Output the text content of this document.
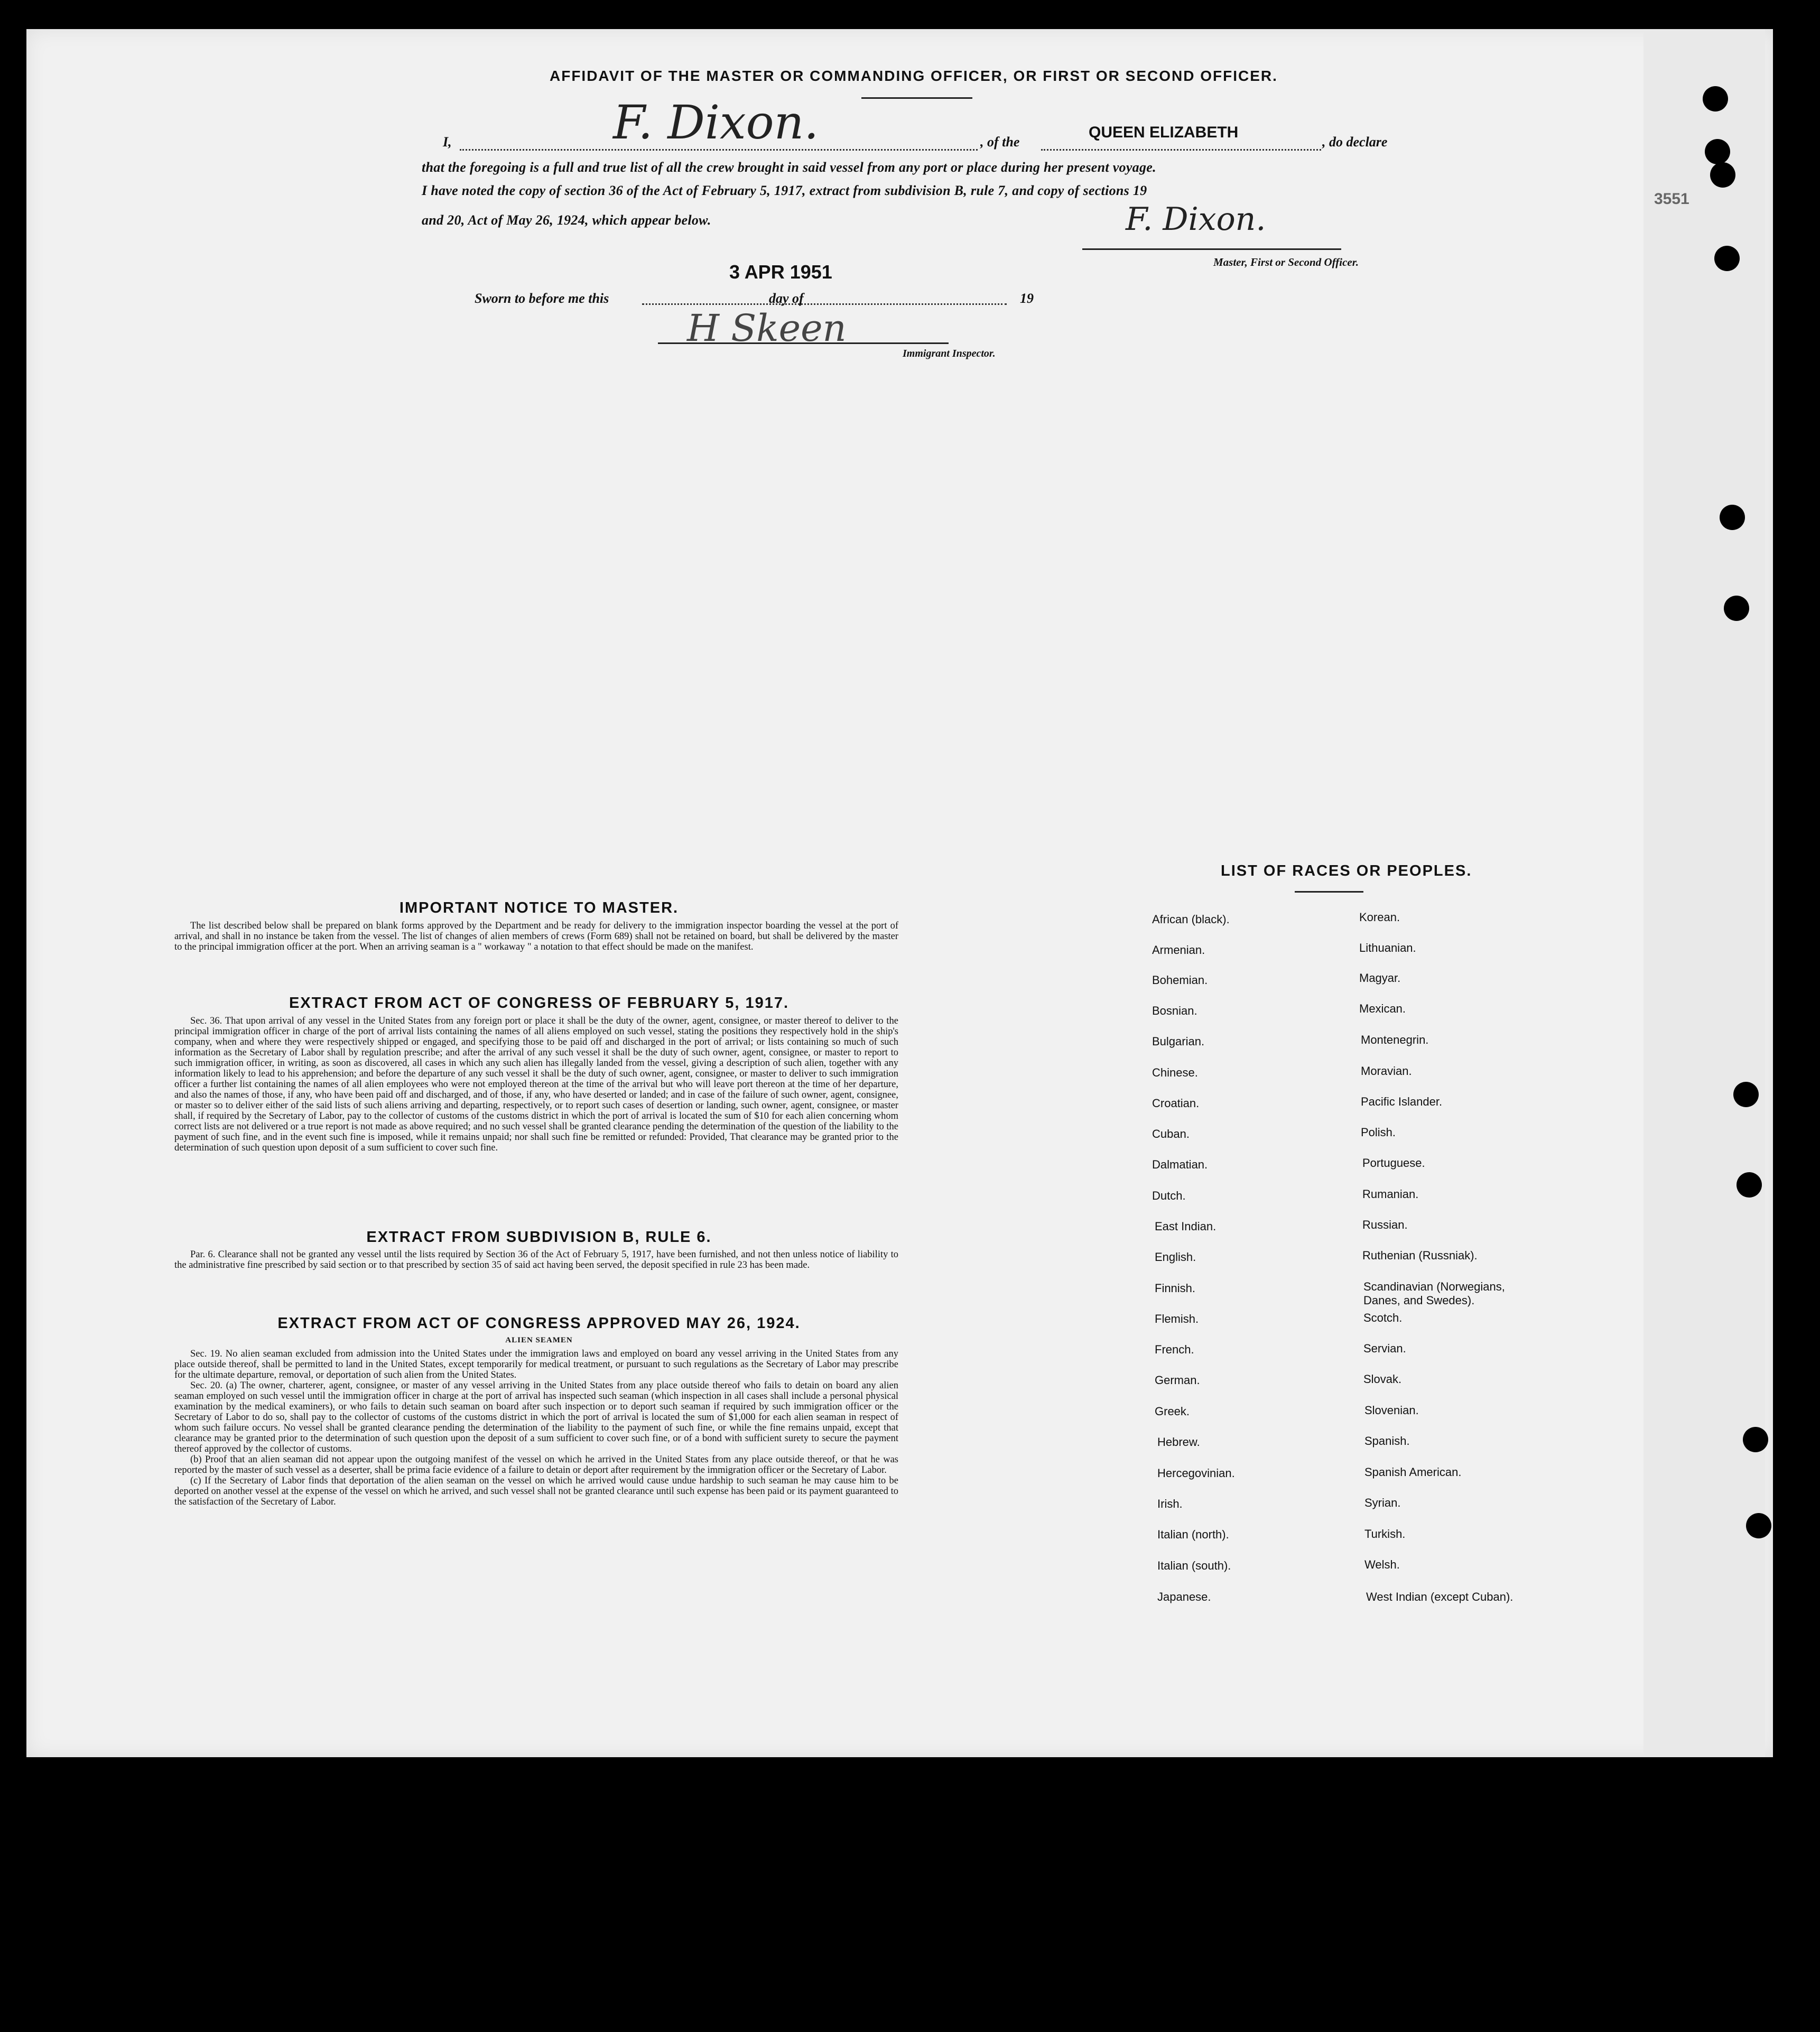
AFFIDAVIT OF THE MASTER OR COMMANDING OFFICER, OR FIRST OR SECOND OFFICER.
I,	F. Dixon.	, of the
QUEEN ELIZABETH
, do declare
that the foregoing is a full and true list of all the crew brought in said vessel from any port or place during her present voyage.
I have noted the copy of section 36 of the Act of February 5, 1917, extract from subdivision B, rule 7, and copy of sections 19
and 20, Act of May 26, 1924, which appear below.	F. Dixon.
Master, First or Second Officer.
Sworn to before me this
3 APR 1951
day of	19
H Skeen
Immigrant Inspector.
3551
IMPORTANT NOTICE TO MASTER.

The list described below shall be prepared on blank forms approved by the Department and be ready for delivery to the immigration inspector boarding the vessel at the port of arrival, and shall in no instance be taken from the vessel. The list of changes of alien members of crews (Form 689) shall not be retained on board, but shall be delivered by the master to the principal immigration officer at the port. When an arriving seaman is a " workaway " a notation to that effect should be made on the manifest.

EXTRACT FROM ACT OF CONGRESS OF FEBRUARY 5, 1917.

Sec. 36. That upon arrival of any vessel in the United States from any foreign port or place it shall be the duty of the owner, agent, consignee, or master thereof to deliver to the principal immigration officer in charge of the port of arrival lists containing the names of all aliens employed on such vessel, stating the positions they respectively hold in the ship's company, when and where they were respectively shipped or engaged, and specifying those to be paid off and discharged in the port of arrival; or lists containing so much of such information as the Secretary of Labor shall by regulation prescribe; and after the arrival of any such vessel it shall be the duty of such owner, agent, consignee, or master to report to such immigration officer, in writing, as soon as discovered, all cases in which any such alien has illegally landed from the vessel, giving a description of such alien, together with any information likely to lead to his apprehension; and before the departure of any such vessel it shall be the duty of such owner, agent, consignee, or master to deliver to such immigration officer a further list containing the names of all alien employees who were not employed thereon at the time of the arrival but who will leave port thereon at the time of her departure, and also the names of those, if any, who have been paid off and discharged, and of those, if any, who have deserted or landed; and in case of the failure of such owner, agent, consignee, or master so to deliver either of the said lists of such aliens arriving and departing, respectively, or to report such cases of desertion or landing, such owner, agent, consignee, or master shall, if required by the Secretary of Labor, pay to the collector of customs of the customs district in which the port of arrival is located the sum of $10 for each alien concerning whom correct lists are not delivered or a true report is not made as above required; and no such vessel shall be granted clearance pending the determination of the question of the liability to the payment of such fine, and in the event such fine is imposed, while it remains unpaid; nor shall such fine be remitted or refunded: Provided, That clearance may be granted prior to the determination of such question upon deposit of a sum sufficient to cover such fine.

EXTRACT FROM SUBDIVISION B, RULE 6.

Par. 6. Clearance shall not be granted any vessel until the lists required by Section 36 of the Act of February 5, 1917, have been furnished, and not then unless notice of liability to the administrative fine prescribed by said section or to that prescribed by section 35 of said act having been served, the deposit specified in rule 23 has been made.

EXTRACT FROM ACT OF CONGRESS APPROVED MAY 26, 1924.
ALIEN SEAMEN

Sec. 19. No alien seaman excluded from admission into the United States under the immigration laws and employed on board any vessel arriving in the United States from any place outside thereof, shall be permitted to land in the United States, except temporarily for medical treatment, or pursuant to such regulations as the Secretary of Labor may prescribe for the ultimate departure, removal, or deportation of such alien from the United States.

Sec. 20. (a) The owner, charterer, agent, consignee, or master of any vessel arriving in the United States from any place outside thereof who fails to detain on board any alien seaman employed on such vessel until the immigration officer in charge at the port of arrival has inspected such seaman (which inspection in all cases shall include a personal physical examination by the medical examiners), or who fails to detain such seaman on board after such inspection or to deport such seaman if required by such immigration officer or the Secretary of Labor to do so, shall pay to the collector of customs of the customs district in which the port of arrival is located the sum of $1,000 for each alien seaman in respect of whom such failure occurs. No vessel shall be granted clearance pending the determination of the liability to the payment of such fine, or while the fine remains unpaid, except that clearance may be granted prior to the determination of such question upon the deposit of a sum sufficient to cover such fine, or of a bond with sufficient surety to secure the payment thereof approved by the collector of customs.

(b) Proof that an alien seaman did not appear upon the outgoing manifest of the vessel on which he arrived in the United States from any place outside thereof, or that he was reported by the master of such vessel as a deserter, shall be prima facie evidence of a failure to detain or deport after requirement by the immigration officer or the Secretary of Labor.

(c) If the Secretary of Labor finds that deportation of the alien seaman on the vessel on which he arrived would cause undue hardship to such seaman he may cause him to be deported on another vessel at the expense of the vessel on which he arrived, and such vessel shall not be granted clearance until such expense has been paid or its payment guaranteed to the satisfaction of the Secretary of Labor.

LIST OF RACES OR PEOPLES.
African (black).
Armenian.
Bohemian.
Bosnian.
Bulgarian.
Chinese.
Croatian.
Cuban.
Dalmatian.
Dutch.
East Indian.
English.
Finnish.
Flemish.
French.
German.
Greek.
Hebrew.
Hercegovinian.
Irish.
Italian (north).
Italian (south).
Japanese.
Korean.
Lithuanian.
Magyar.
Mexican.
Montenegrin.
Moravian.
Pacific Islander.
Polish.
Portuguese.
Rumanian.
Russian.
Ruthenian (Russniak).
Scandinavian (Norwegians, Danes, and Swedes).
Scotch.
Servian.
Slovak.
Slovenian.
Spanish.
Spanish American.
Syrian.
Turkish.
Welsh.
West Indian (except Cuban).
